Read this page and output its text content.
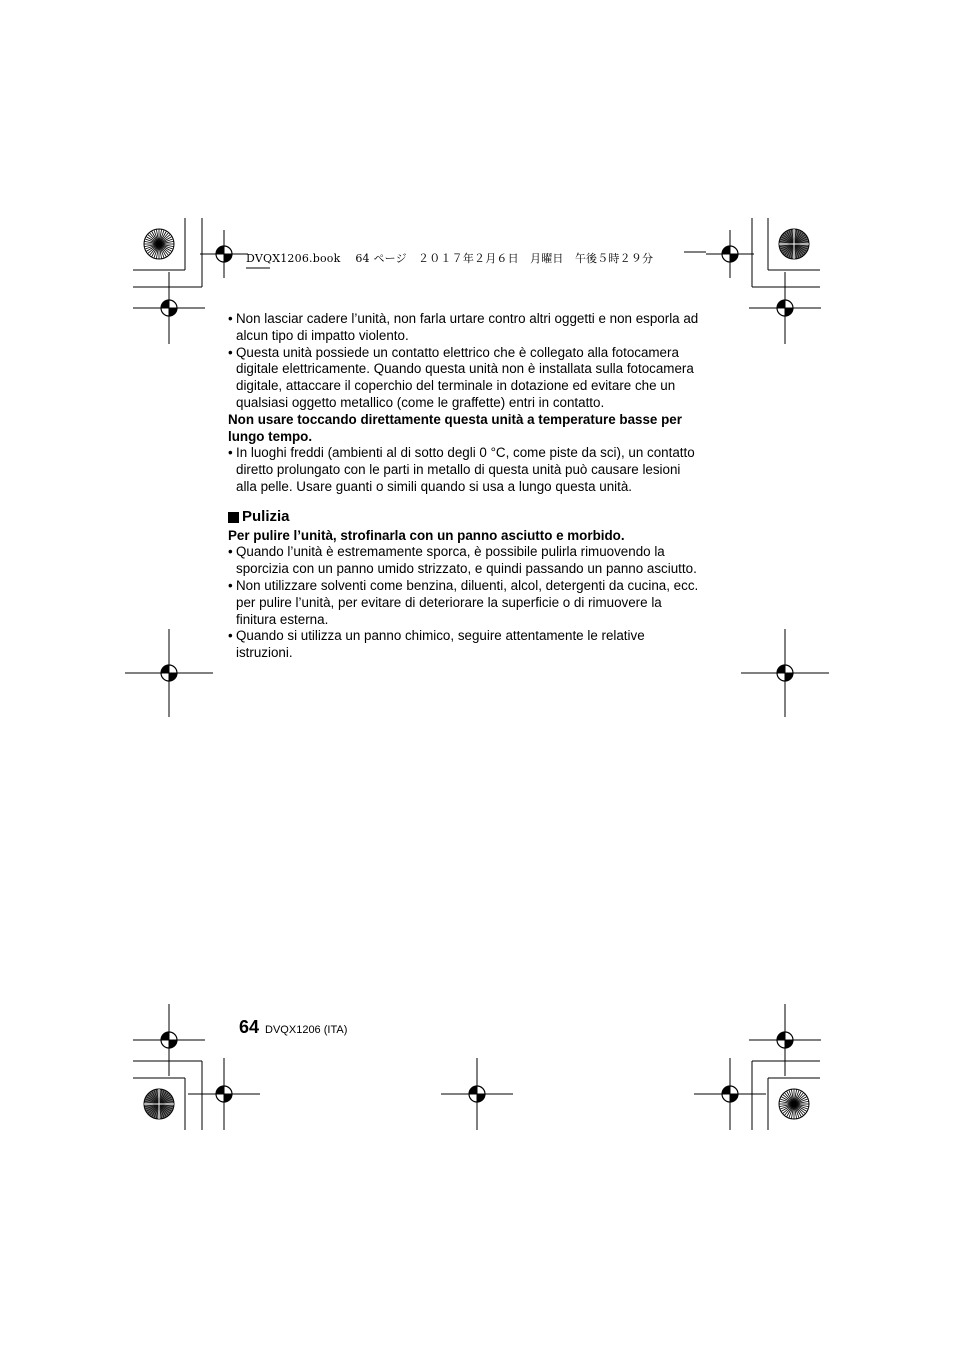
DVQX1206.book　 64 ページ　２０１７年２月６日　月曜日　午後５時２９分
• Non lasciar cadere l’unità, non farla urtare contro altri oggetti e non esporla ad alcun tipo di impatto violento.
• Questa unità possiede un contatto elettrico che è collegato alla fotocamera digitale elettricamente. Quando questa unità non è installata sulla fotocamera digitale, attaccare il coperchio del terminale in dotazione ed evitare che un qualsiasi oggetto metallico (come le graffette) entri in contatto.

Non usare toccando direttamente questa unità a temperature basse per lungo tempo.

• In luoghi freddi (ambienti al di sotto degli 0 °C, come piste da sci), un contatto diretto prolungato con le parti in metallo di questa unità può causare lesioni alla pelle. Usare guanti o simili quando si usa a lungo questa unità.
Pulizia

Per pulire l’unità, strofinarla con un panno asciutto e morbido.

• Quando l’unità è estremamente sporca, è possibile pulirla rimuovendo la sporcizia con un panno umido strizzato, e quindi passando un panno asciutto.
• Non utilizzare solventi come benzina, diluenti, alcol, detergenti da cucina, ecc. per pulire l’unità, per evitare di deteriorare la superficie o di rimuovere la finitura esterna.
• Quando si utilizza un panno chimico, seguire attentamente le relative istruzioni.
64 DVQX1206 (ITA)
